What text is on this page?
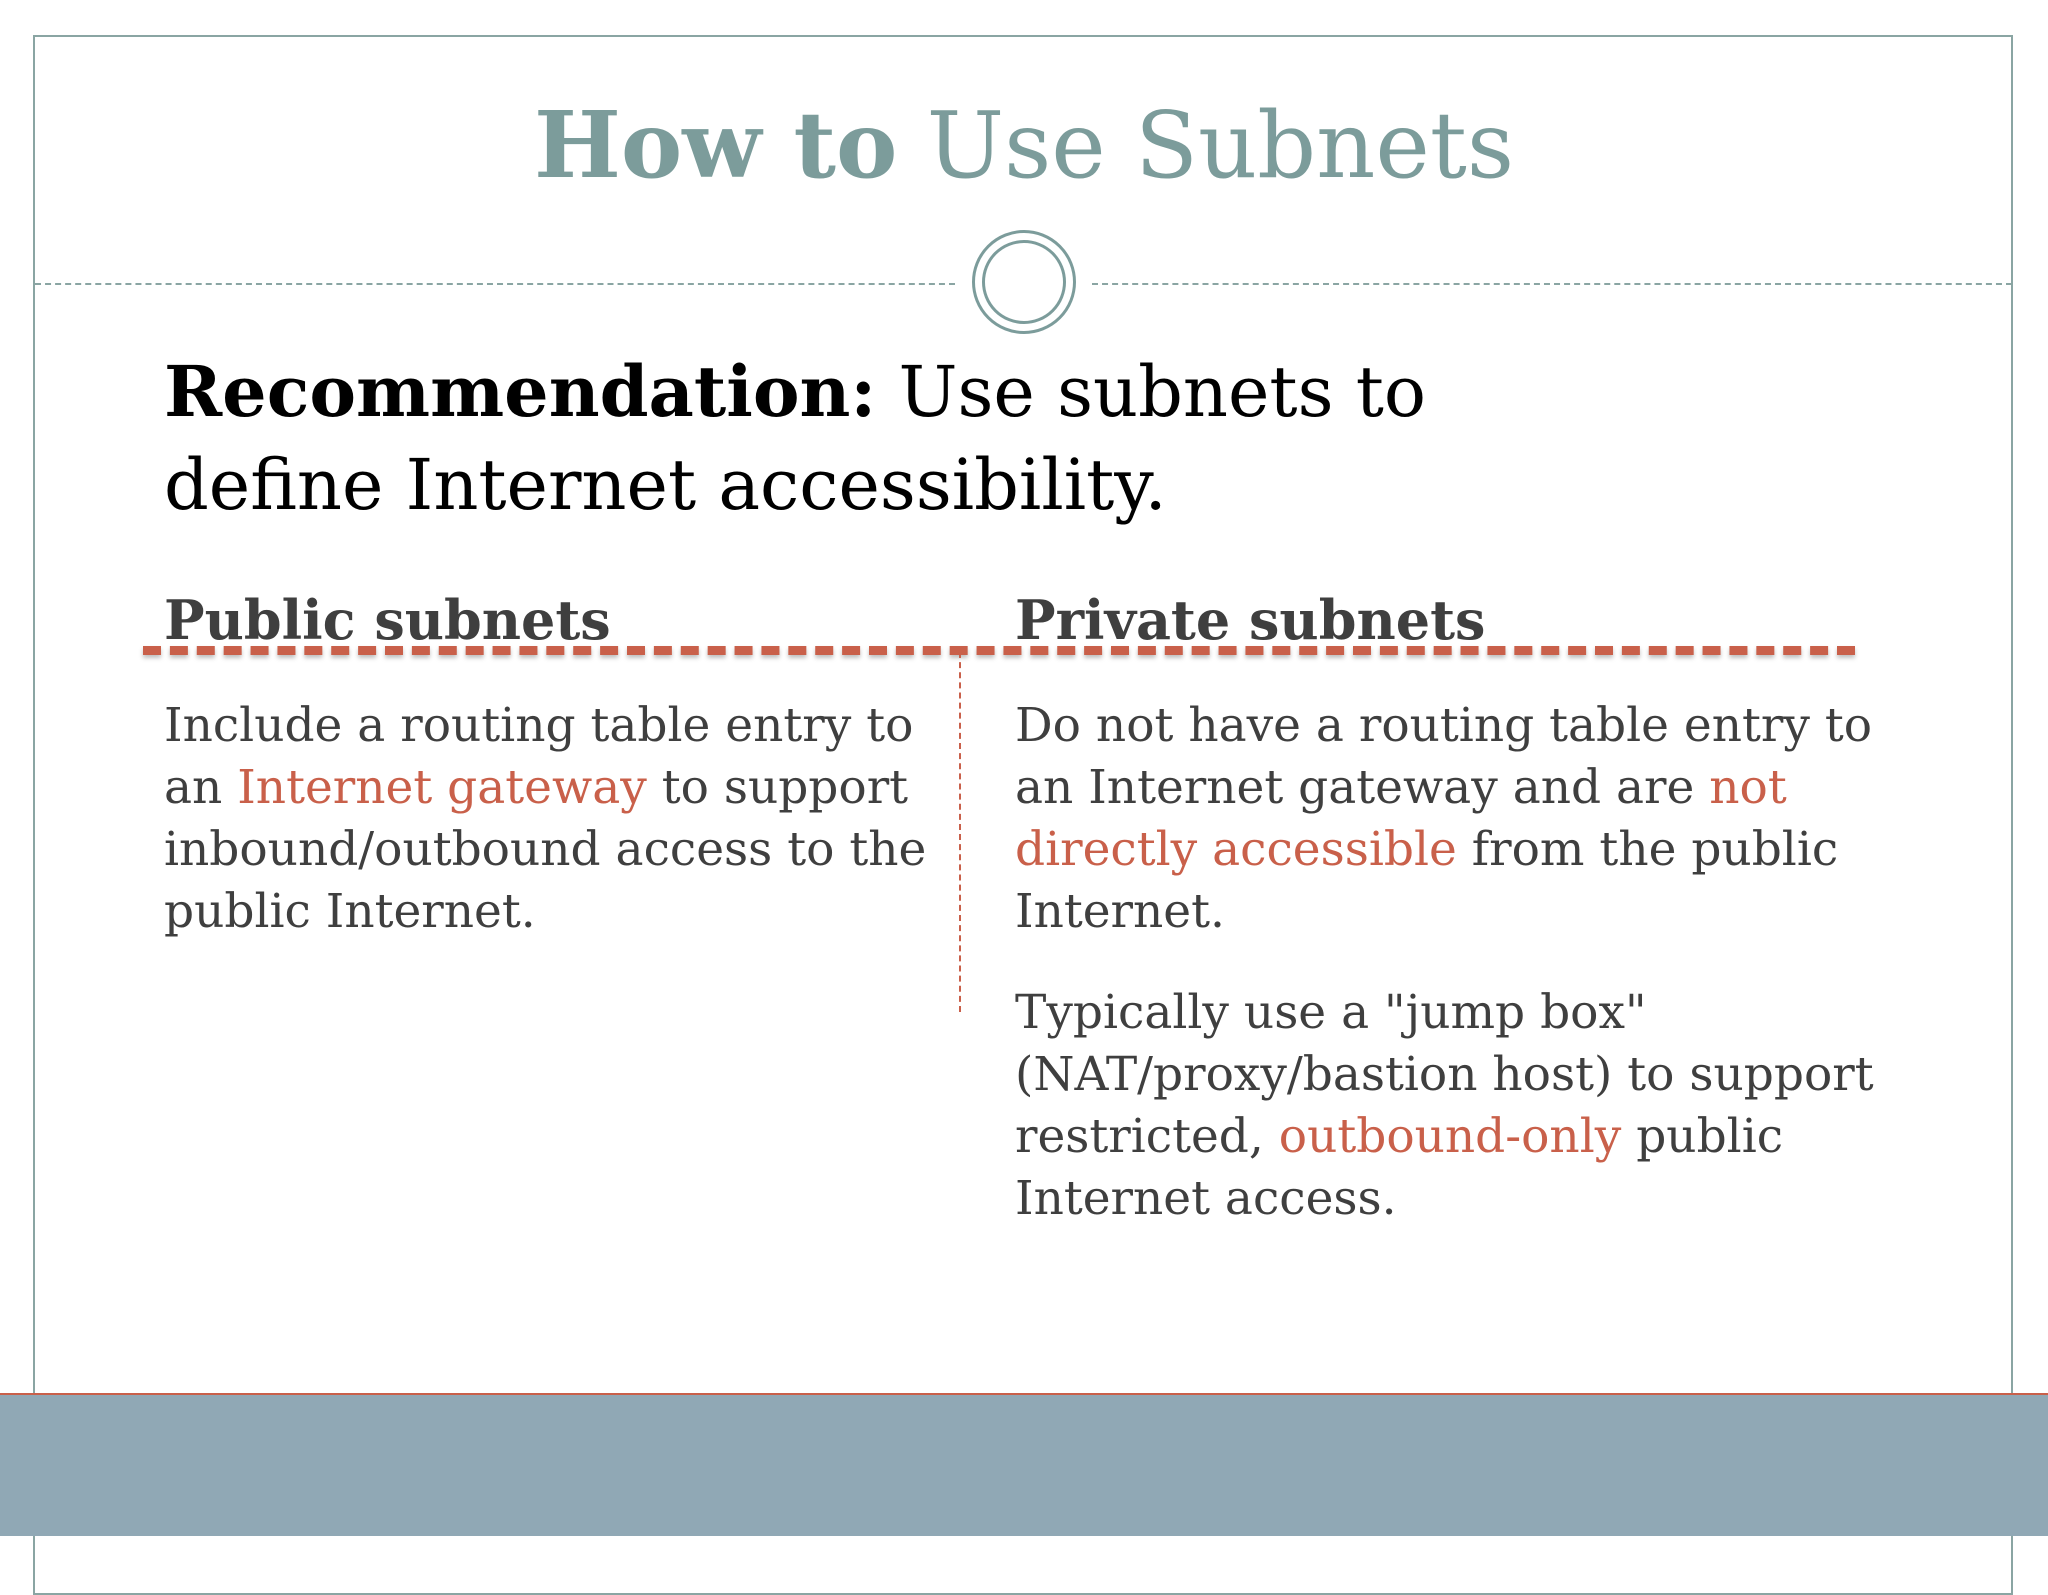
How to Use Subnets
Recommendation: Use subnets to
define Internet accessibility.
Public subnets	Private subnets
Include a routing table entry to an Internet gateway to support inbound/outbound access to the public Internet.
Do not have a routing table entry to an Internet gateway and are not directly accessible from the public Internet.
Typically use a "jump box" (NAT/proxy/bastion host) to support restricted, outbound-only public Internet access.
